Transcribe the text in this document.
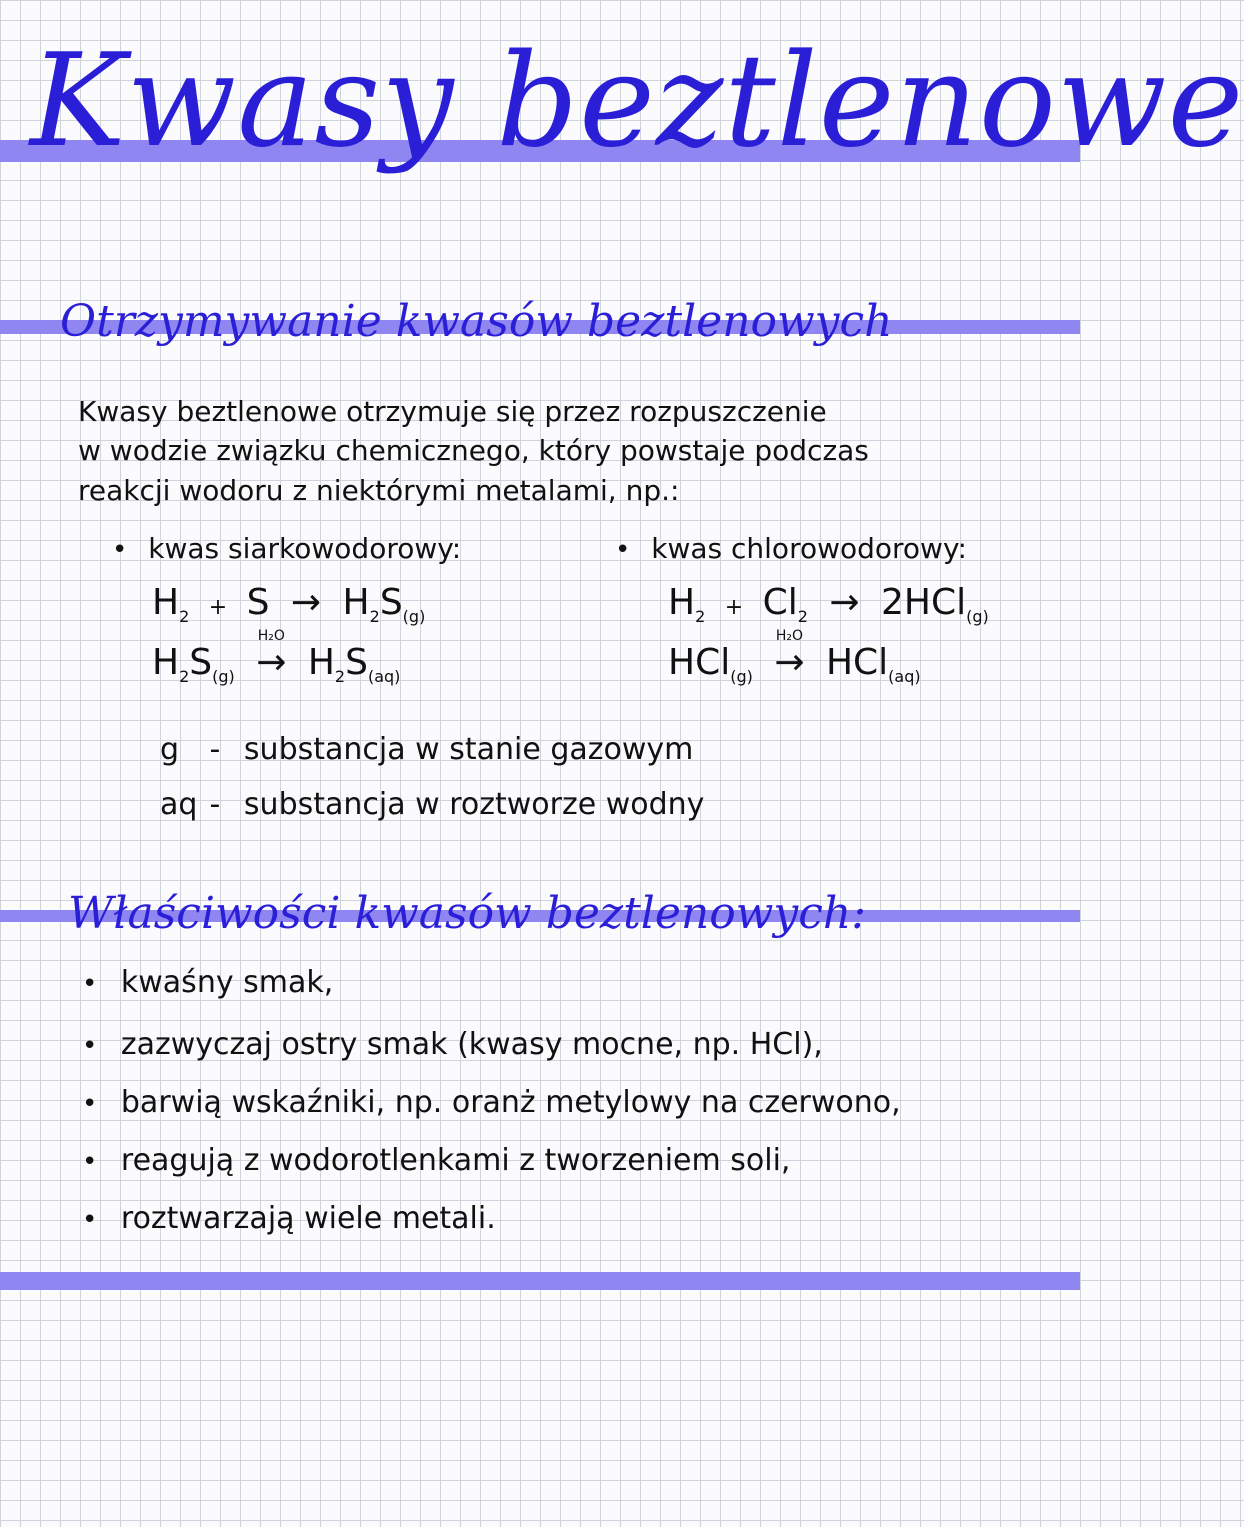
Kwasy beztlenowe
Otrzymywanie kwasów beztlenowych
Kwasy beztlenowe otrzymuje się przez rozpuszczenie
w wodzie związku chemicznego, który powstaje podczas
reakcji wodoru z niektórymi metalami, np.:
• kwas siarkowodorowy:
$H_2 + S \to H_2S_{(g)}$
$H_2S_{(g)}$
H₂O
→ $H_2S_{(aq)}$
• kwas chlorowodorowy:
$H_2 + Cl_2 \to 2HCl_{(g)}$
HCl$_{(g)}$
H₂O
→ HCl$_{(aq)}$
g - substancja w stanie gazowym
aq - substancja w roztworze wodny
Właściwości kwasów beztlenowych:
• kwaśny smak,
• zazwyczaj ostry smak (kwasy mocne, np. HCl),
• barwią wskaźniki, np. oranż metylowy na czerwono,
• reagują z wodorotlenkami z tworzeniem soli,
• roztwarzają wiele metali.
